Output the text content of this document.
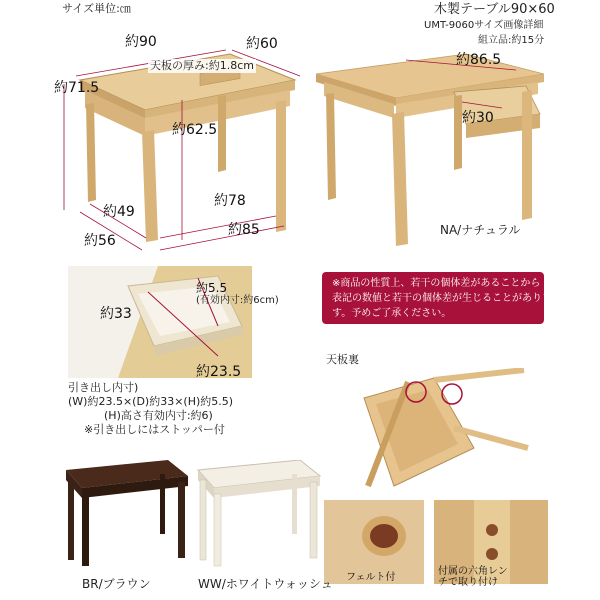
サイズ単位:㎝	木製テーブル90×60
UMT-9060サイズ画像詳細
組立品:約15分
約90	約60
約71.5
天板の厚み:約1.8cm
約62.5
約49
約78
約56
約85
約86.5
約30
NA/ナチュラル
※商品の性質上、若干の個体差があることから
表記の数値と若干の個体差が生じることがありま
す。予めご了承ください。
約33
約5.5
(有効内寸:約6cm)
約23.5
引き出し内寸)
(W)約23.5×(D)約33×(H)約5.5)
(H)高さ有効内寸:約6)
※引き出しにはストッパー付
天板裏
フェルト付
付属の六角レンチで取り付け
BR/ブラウン	WW/ホワイトウォッシュ
